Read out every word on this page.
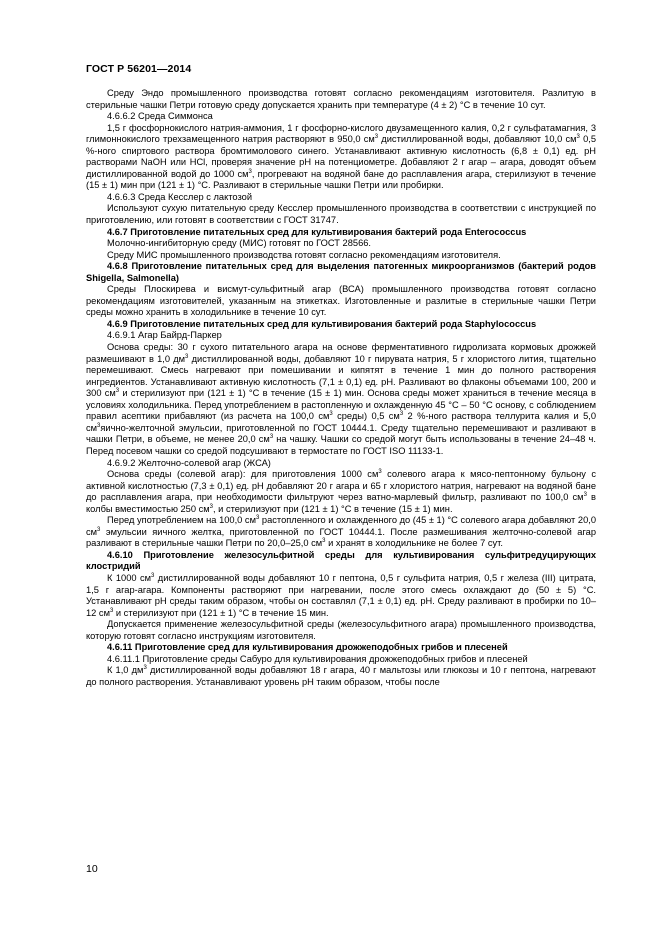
ГОСТ Р 56201—2014

Среду Эндо промышленного производства готовят согласно рекомендациям изготовителя. Разлитую в стерильные чашки Петри готовую среду допускается хранить при температуре (4 ± 2) °С в течение 10 сут.

4.6.6.2 Среда Симмонса

1,5 г фосфорнокислого натрия-аммония, 1 г фосфорно-кислого двузамещенного калия, 0,2 г сульфатамагния, 3 глимоннокислого трехзамещенного натрия растворяют в 950,0 $см^3$ дистиллированной воды, добавляют 10,0 $см^3$ 0,5 %-ного спиртового раствора бромтимолового синего. Устанавливают активную кислотность (6,8 ± 0,1) ед. рН растворами NaOH или HCl, проверяя значение рН на потенциометре. Добавляют 2 г агар – агара, доводят объем дистиллированной водой до 1000 $см^3$, прогревают на водяной бане до расплавления агара, стерилизуют в течение (15 ± 1) мин при (121 ± 1) °С. Разливают в стерильные чашки Петри или пробирки.

4.6.6.3 Среда Кесслер с лактозой

Используют сухую питательную среду Кесслер промышленного производства в соответствии с инструкцией по приготовлению, или готовят в соответствии с ГОСТ 31747.

4.6.7 Приготовление питательных сред для культивирования бактерий рода Enterococcus

Молочно-ингибиторную среду (МИС) готовят по ГОСТ 28566.

Среду МИС промышленного производства готовят согласно рекомендациям изготовителя.

4.6.8 Приготовление питательных сред для выделения патогенных микроорганизмов (бактерий родов Shigella, Salmonella)

Среды Плоскирева и висмут-сульфитный агар (ВСА) промышленного производства готовят согласно рекомендациям изготовителей, указанным на этикетках. Изготовленные и разлитые в стерильные чашки Петри среды можно хранить в холодильнике в течение 10 сут.

4.6.9 Приготовление питательных сред для культивирования бактерий рода Staphylococcus

4.6.9.1 Агар Байрд-Паркер

Основа среды: 30 г сухого питательного агара на основе ферментативного гидролизата кормовых дрожжей размешивают в 1,0 $дм^3$ дистиллированной воды, добавляют 10 г пирувата натрия, 5 г хлористого лития, тщательно перемешивают. Смесь нагревают при помешивании и кипятят в течение 1 мин до полного растворения ингредиентов. Устанавливают активную кислотность (7,1 ± 0,1) ед. рН. Разливают во флаконы объемами 100, 200 и 300 $см^3$ и стерилизуют при (121 ± 1) °С в течение (15 ± 1) мин. Основа среды может храниться в течение месяца в условиях холодильника. Перед употреблением в растопленную и охлажденную 45 °С – 50 °С основу, с соблюдением правил асептики прибавляют (из расчета на 100,0 $см^3$ среды) 0,5 $см^3$ 2 %-ного раствора теллурита калия и 5,0 $см^3яично$-желточной эмульсии, приготовленной по ГОСТ 10444.1. Среду тщательно перемешивают и разливают в чашки Петри, в объеме, не менее 20,0 $см^3$ на чашку. Чашки со средой могут быть использованы в течение 24–48 ч. Перед посевом чашки со средой подсушивают в термостате по ГОСТ ISO 11133-1.

4.6.9.2 Желточно-солевой агар (ЖСА)

Основа среды (солевой агар): для приготовления 1000 $см^3$ солевого агара к мясо-пептонному бульону с активной кислотностью (7,3 ± 0,1) ед. рН добавляют 20 г агара и 65 г хлористого натрия, нагревают на водяной бане до расплавления агара, при необходимости фильтруют через ватно-марлевый фильтр, разливают по 100,0 $см^3$ в колбы вместимостью 250 $см^3$, и стерилизуют при (121 ± 1) °С в течение (15 ± 1) мин.

Перед употреблением на 100,0 $см^3$ растопленного и охлажденного до (45 ± 1) °С солевого агара добавляют 20,0 $см^3$ эмульсии яичного желтка, приготовленной по ГОСТ 10444.1. После размешивания желточно-солевой агар разливают в стерильные чашки Петри по 20,0–25,0 $см^3$ и хранят в холодильнике не более 7 сут.

4.6.10 Приготовление железосульфитной среды для культивирования сульфитредуцирующих клостридий

К 1000 $см^3$ дистиллированной воды добавляют 10 г пептона, 0,5 г сульфита натрия, 0,5 г железа (III) цитрата, 1,5 г агар-агара. Компоненты растворяют при нагревании, после этого смесь охлаждают до (50 ± 5) °С. Устанавливают рН среды таким образом, чтобы он составлял (7,1 ± 0,1) ед. рН. Среду разливают в пробирки по 10–12 $см^3$ и стерилизуют при (121 ± 1) °С в течение 15 мин.

Допускается применение железосульфитной среды (железосульфитного агара) промышленного производства, которую готовят согласно инструкциям изготовителя.

4.6.11 Приготовление сред для культивирования дрожжеподобных грибов и плесеней

4.6.11.1 Приготовление среды Сабуро для культивирования дрожжеподобных грибов и плесеней

К 1,0 $дм^3$ дистиллированной воды добавляют 18 г агара, 40 г мальтозы или глюкозы и 10 г пептона, нагревают до полного растворения. Устанавливают уровень рН таким образом, чтобы после

10
